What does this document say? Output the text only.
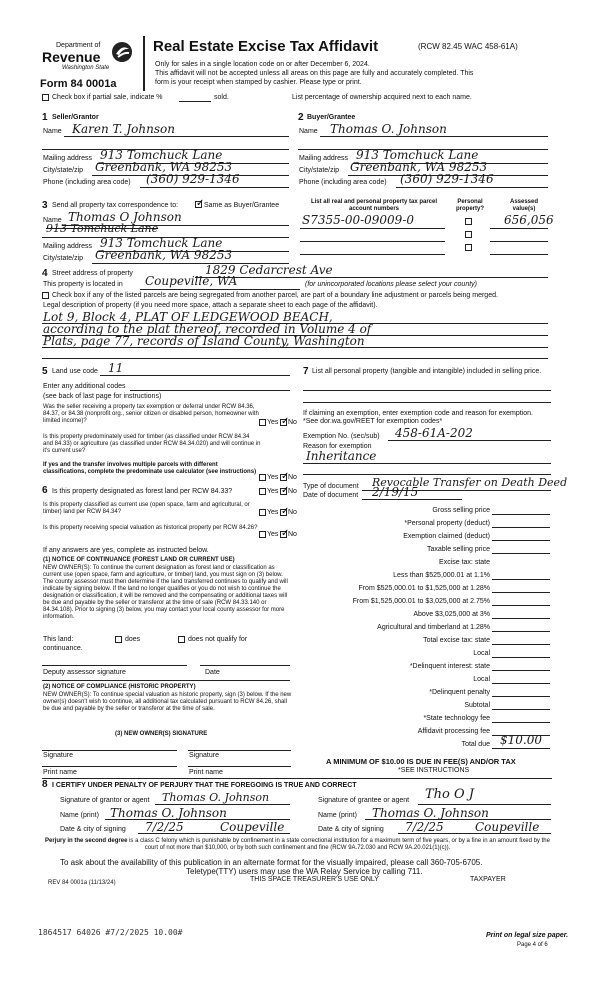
Department of
Revenue
Washington State
Form 84 0001a
Real Estate Excise Tax Affidavit	(RCW 82.45 WAC 458-61A)
Only for sales in a single location code on or after December 6, 2024.
This affidavit will not be accepted unless all areas on this page are fully and accurately completed. This
form is your receipt when stamped by cashier. Please type or print.
Check box if partial sale, indicate %	sold.	List percentage of ownership acquired next to each name.
1 Seller/Grantor
Name Karen T. Johnson
Mailing address 913 Tomchuck Lane
City/state/zip Greenbank, WA 98253
Phone (including area code) (360) 929-1346
2 Buyer/Grantee
Name Thomas O. Johnson
Mailing address 913 Tomchuck Lane
City/state/zip Greenbank, WA 98253
Phone (including area code) (360) 929-1346
3 Send all property tax correspondence to: ✓	Same as Buyer/Grantee
Name Thomas O Johnson
913 Tomchuck Lane
Mailing address 913 Tomchuck Lane
City/state/zip Greenbank, WA 98253
List all real and personal property tax parcel account numbers
Personal property?
Assessed value(s)
S7355-00-09009-0	656,056
4 Street address of property	1829 Cedarcrest Ave
This property is located in Coupeville, WA	(for unincorporated locations please select your county)
Check box if any of the listed parcels are being segregated from another parcel, are part of a boundary line adjustment or parcels being merged.
Legal description of property (if you need more space, attach a separate sheet to each page of the affidavit).
Lot 9, Block 4, PLAT OF LEDGEWOOD BEACH,
according to the plat thereof, recorded in Volume 4 of
Plats, page 77, records of Island County, Washington
5 Land use code 11
Enter any additional codes
(see back of last page for instructions)
Was the seller receiving a property tax exemption or deferral under RCW 84.36, 84.37, or 84.38 (nonprofit org., senior citizen or disabled person, homeowner with limited income)?	Yes ✓ No
Is this property predominately used for timber (as classified under RCW 84.34 and 84.33) or agriculture (as classified under RCW 84.34.020) and will continue in it's current use?
If yes and the transfer involves multiple parcels with different classifications, complete the predominate use calculator (see instructions)
Yes ✓ No
6 Is this property designated as forest land per RCW 84.33?	Yes ✓ No
Is this property classified as current use (open space, farm and agricultural, or timber) land per RCW 84.34?	Yes ✓ No
Is this property receiving special valuation as historical property per RCW 84.26?
Yes ✓ No
If any answers are yes, complete as instructed below.
(1) NOTICE OF CONTINUANCE (FOREST LAND OR CURRENT USE)
NEW OWNER(S): To continue the current designation as forest land or classification as current use (open space, farm and agriculture, or timber) land, you must sign on (3) below. The county assessor must then determine if the land transferred continues to qualify and will indicate by signing below. If the land no longer qualifies or you do not wish to continue the designation or classification, it will be removed and the compensating or additional taxes will be due and payable by the seller or transferor at the time of sale (RCW 84.33.140 or 84.34.108). Prior to signing (3) below, you may contact your local county assessor for more information.
This land:	does	does not qualify for
continuance.
Deputy assessor signature	Date
(2) NOTICE OF COMPLIANCE (HISTORIC PROPERTY)
NEW OWNER(S): To continue special valuation as historic property, sign (3) below. If the new owner(s) doesn't wish to continue, all additional tax calculated pursuant to RCW 84.26, shall be due and payable by the seller or transferor at the time of sale.
(3) NEW OWNER(S) SIGNATURE
Signature	Signature
Print name	Print name
7 List all personal property (tangible and intangible) included in selling price.
If claiming an exemption, enter exemption code and reason for exemption. *See dor.wa.gov/REET for exemption codes*
Exemption No. (sec/sub) 458-61A-202
Reason for exemption
Inheritance
Type of document Revocable Transfer on Death Deed
Date of document 2/19/15
Gross selling price
*Personal property (deduct)
Exemption claimed (deduct)
Taxable selling price
Excise tax: state
Less than $525,000.01 at 1.1%
From $525,000.01 to $1,525,000 at 1.28%
From $1,525,000.01 to $3,025,000 at 2.75%
Above $3,025,000 at 3%
Agricultural and timberland at 1.28%
Total excise tax: state
Local
*Delinquent interest: state
Local
*Delinquent penalty
Subtotal
*State technology fee
Affidavit processing fee
Total due $10.00
A MINIMUM OF $10.00 IS DUE IN FEE(S) AND/OR TAX
*SEE INSTRUCTIONS
8 I CERTIFY UNDER PENALTY OF PERJURY THAT THE FOREGOING IS TRUE AND CORRECT
Signature of grantor or agent Thomas O. Johnson
Name (print) Thomas O. Johnson
Date & city of signing 7/2/25	Coupeville
Signature of grantee or agent Tho O J
Name (print) Thomas O. Johnson
Date & city of signing 7/2/25	Coupeville
Perjury in the second degree is a class C felony which is punishable by confinement in a state correctional institution for a maximum term of five years, or by a fine in an amount fixed by the court of not more than $10,000, or by both such confinement and fine (RCW 9A.72.030 and RCW 9A.20.021(1)(c)).
To ask about the availability of this publication in an alternate format for the visually impaired, please call 360-705-6705.
Teletype(TTY) users may use the WA Relay Service by calling 711.
REV 84 0001a (11/13/24)	THIS SPACE TREASURER'S USE ONLY	TAXPAYER
1864517 64026 #7/2/2025 10.00#	Print on legal size paper.
Page 4 of 6
